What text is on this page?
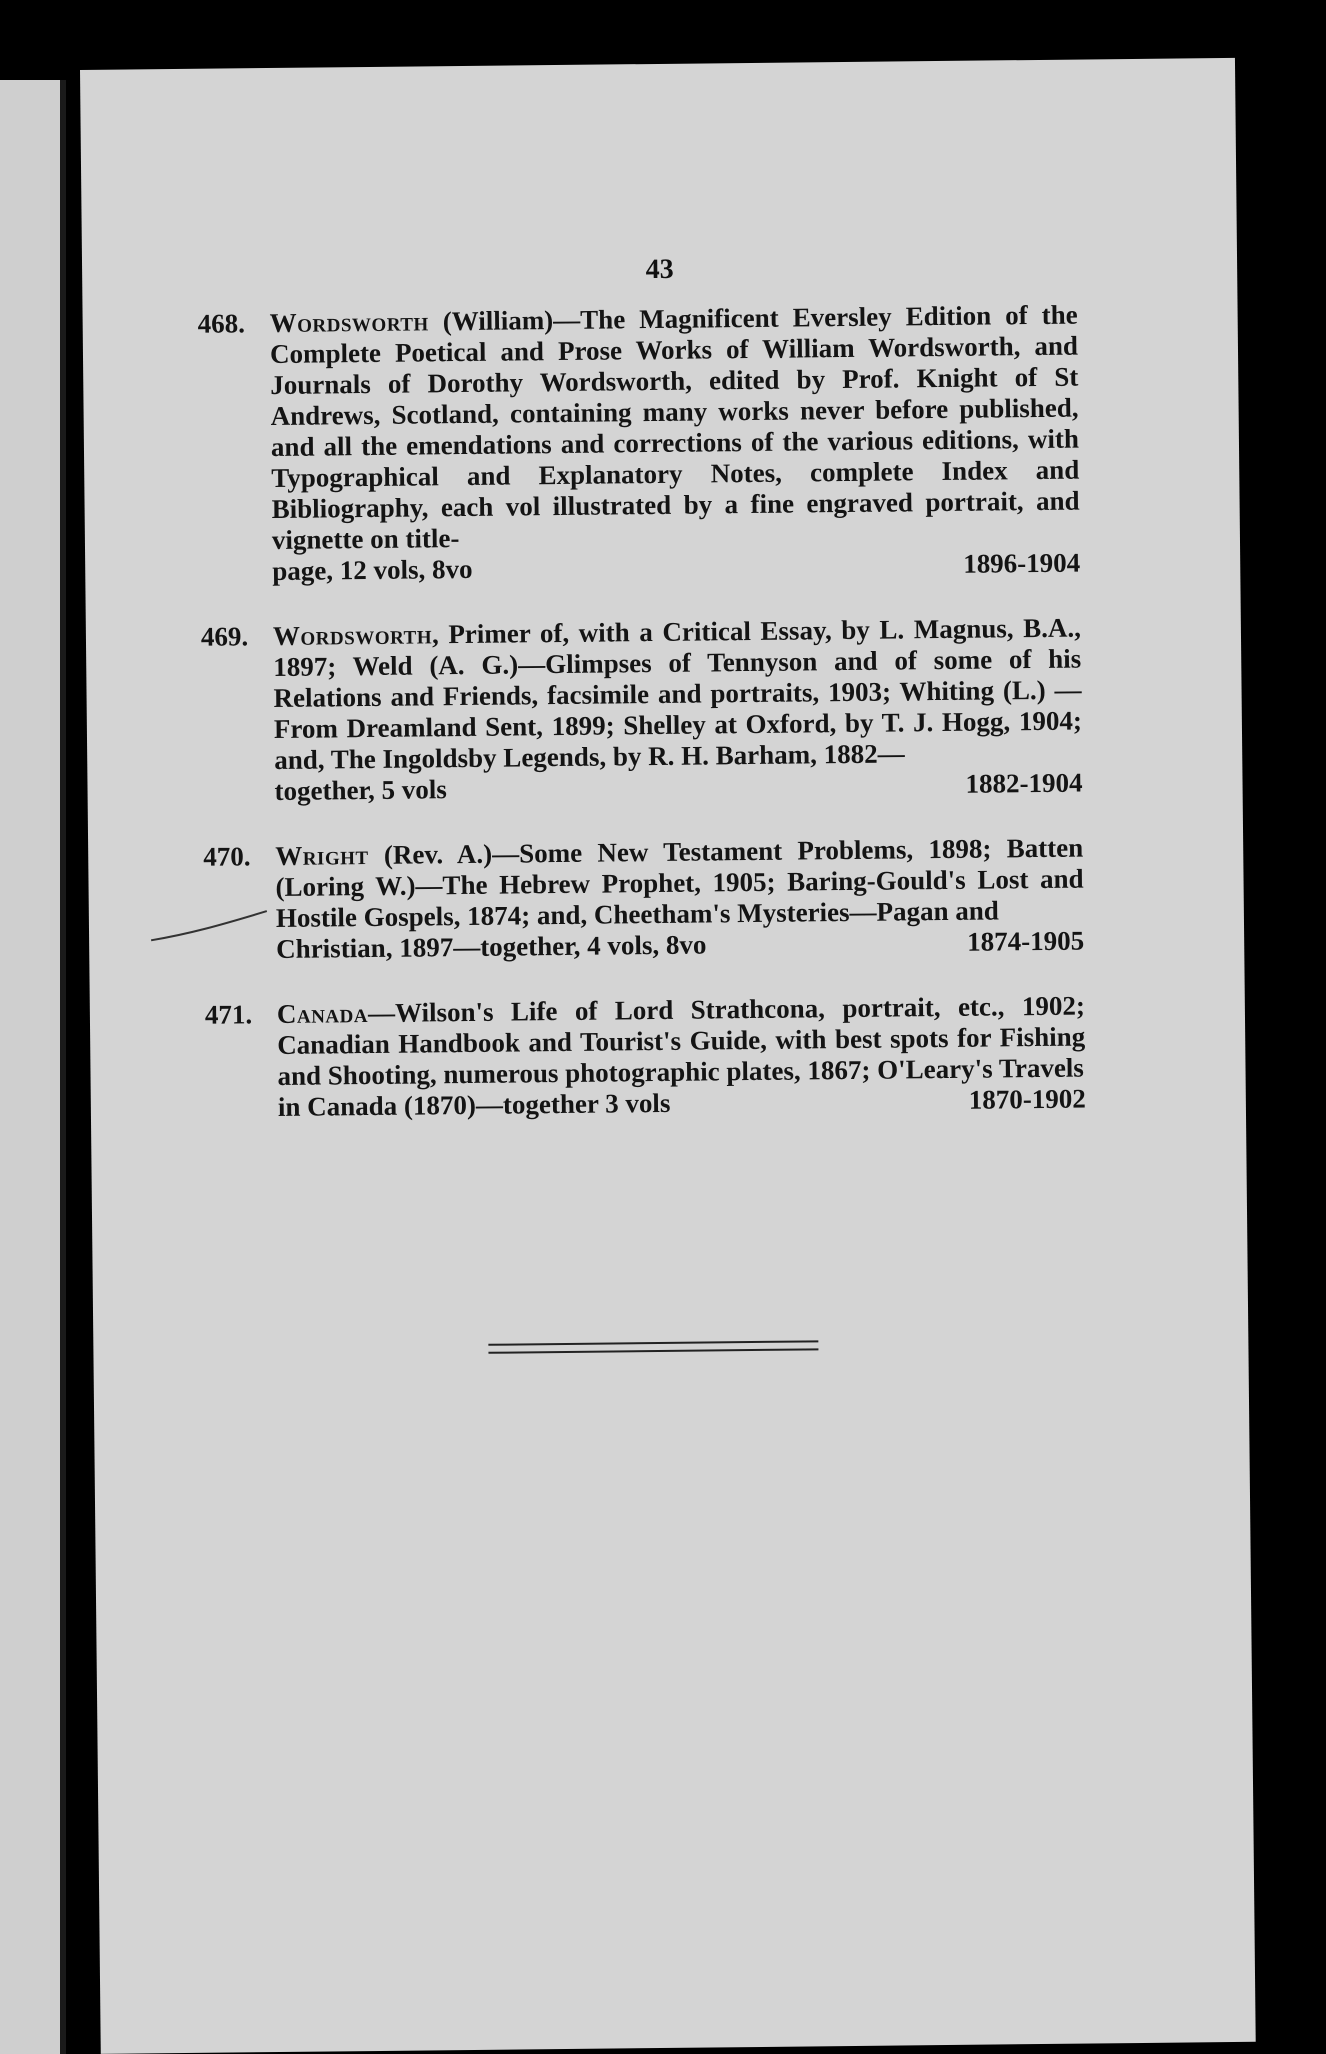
43
468. Wordsworth (William)—The Magnificent Eversley Edition of the Complete Poetical and Prose Works of William Wordsworth, and Journals of Dorothy Wordsworth, edited by Prof. Knight of St Andrews, Scotland, containing many works never before published, and all the emendations and corrections of the various editions, with Typographical and Explanatory Notes, complete Index and Bibliography, each vol illustrated by a fine engraved portrait, and vignette on title-
page, 12 vols, 8vo	1896-1904
469. Wordsworth, Primer of, with a Critical Essay, by L. Magnus, B.A., 1897; Weld (A. G.)—Glimpses of Tennyson and of some of his Relations and Friends, facsimile and portraits, 1903; Whiting (L.) —From Dreamland Sent, 1899; Shelley at Oxford, by T. J. Hogg, 1904; and, The Ingoldsby Legends, by R. H. Barham, 1882—
together, 5 vols	1882-1904
470. Wright (Rev. A.)—Some New Testament Problems, 1898; Batten (Loring W.)—The Hebrew Prophet, 1905; Baring-Gould's Lost and Hostile Gospels, 1874; and, Cheetham's Mysteries—Pagan and
Christian, 1897—together, 4 vols, 8vo	1874-1905
471. Canada—Wilson's Life of Lord Strathcona, portrait, etc., 1902; Canadian Handbook and Tourist's Guide, with best spots for Fishing and Shooting, numerous photographic plates, 1867; O'Leary's Travels
in Canada (1870)—together 3 vols	1870-1902
